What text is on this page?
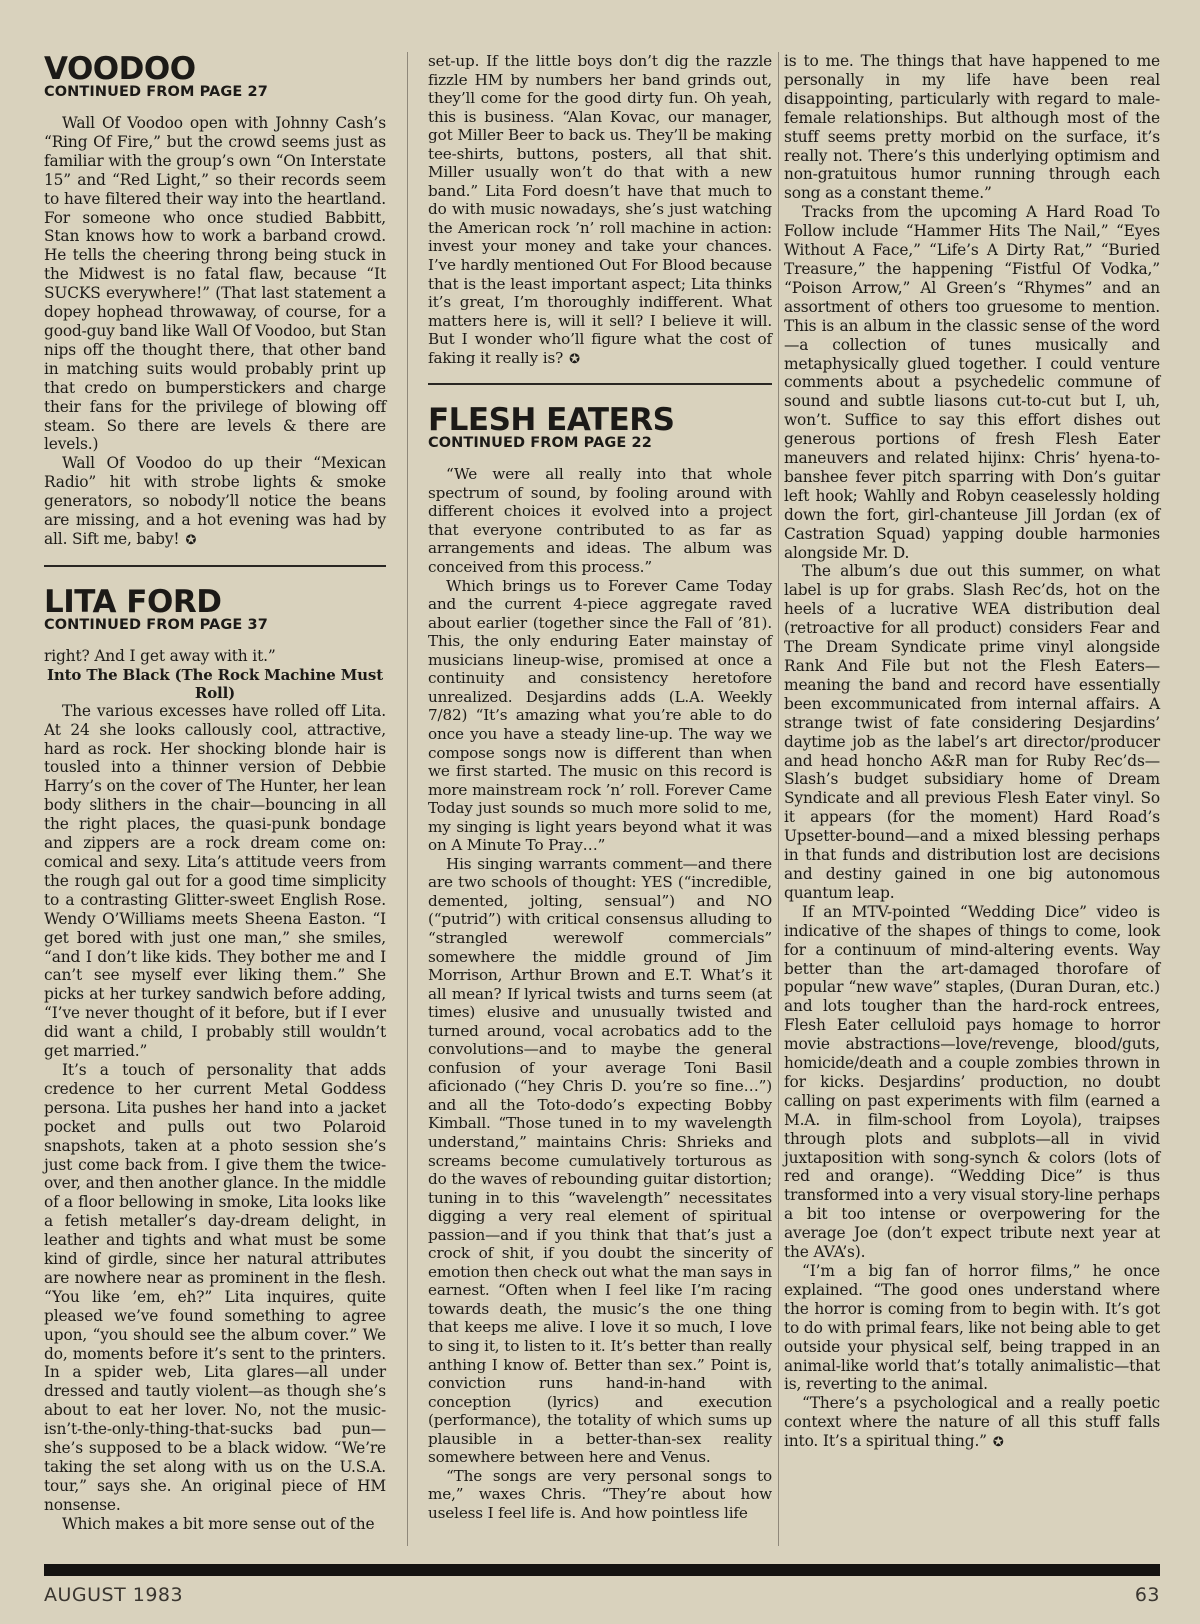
VOODOO
CONTINUED FROM PAGE 27

Wall Of Voodoo open with Johnny Cash’s “Ring Of Fire,” but the crowd seems just as familiar with the group’s own “On Interstate 15” and “Red Light,” so their records seem to have filtered their way into the heartland. For someone who once studied Babbitt, Stan knows how to work a barband crowd. He tells the cheering throng being stuck in the Midwest is no fatal flaw, because “It SUCKS everywhere!” (That last statement a dopey hophead throwaway, of course, for a good-guy band like Wall Of Voodoo, but Stan nips off the thought there, that other band in matching suits would probably print up that credo on bumperstickers and charge their fans for the privilege of blowing off steam. So there are levels & there are levels.)

Wall Of Voodoo do up their “Mexican Radio” hit with strobe lights & smoke generators, so nobody’ll notice the beans are missing, and a hot evening was had by all. Sift me, baby! ✪

LITA FORD
CONTINUED FROM PAGE 37

right? And I get away with it.”

Into The Black (The Rock Machine Must Roll)

The various excesses have rolled off Lita. At 24 she looks callously cool, attractive, hard as rock. Her shocking blonde hair is tousled into a thinner version of Debbie Harry’s on the cover of The Hunter, her lean body slithers in the chair—bouncing in all the right places, the quasi-punk bondage and zippers are a rock dream come on: comical and sexy. Lita’s attitude veers from the rough gal out for a good time simplicity to a contrasting Glitter-sweet English Rose. Wendy O’Williams meets Sheena Easton. “I get bored with just one man,” she smiles, “and I don’t like kids. They bother me and I can’t see myself ever liking them.” She picks at her turkey sandwich before adding, “I’ve never thought of it before, but if I ever did want a child, I probably still wouldn’t get married.”

It’s a touch of personality that adds credence to her current Metal Goddess persona. Lita pushes her hand into a jacket pocket and pulls out two Polaroid snapshots, taken at a photo session she’s just come back from. I give them the twice-over, and then another glance. In the middle of a floor bellowing in smoke, Lita looks like a fetish metaller’s day-dream delight, in leather and tights and what must be some kind of girdle, since her natural attributes are nowhere near as prominent in the flesh. “You like ’em, eh?” Lita inquires, quite pleased we’ve found something to agree upon, “you should see the album cover.” We do, moments before it’s sent to the printers. In a spider web, Lita glares—all under dressed and tautly violent—as though she’s about to eat her lover. No, not the music-isn’t-the-only-thing-that-sucks bad pun—she’s supposed to be a black widow. “We’re taking the set along with us on the U.S.A. tour,” says she. An original piece of HM nonsense.

Which makes a bit more sense out of the

set-up. If the little boys don’t dig the razzle fizzle HM by numbers her band grinds out, they’ll come for the good dirty fun. Oh yeah, this is business. “Alan Kovac, our manager, got Miller Beer to back us. They’ll be making tee-shirts, buttons, posters, all that shit. Miller usually won’t do that with a new band.” Lita Ford doesn’t have that much to do with music nowadays, she’s just watching the American rock ’n’ roll machine in action: invest your money and take your chances. I’ve hardly mentioned Out For Blood because that is the least important aspect; Lita thinks it’s great, I’m thoroughly indifferent. What matters here is, will it sell? I believe it will. But I wonder who’ll figure what the cost of faking it really is? ✪

FLESH EATERS
CONTINUED FROM PAGE 22

“We were all really into that whole spectrum of sound, by fooling around with different choices it evolved into a project that everyone contributed to as far as arrangements and ideas. The album was conceived from this process.”

Which brings us to Forever Came Today and the current 4-piece aggregate raved about earlier (together since the Fall of ’81). This, the only enduring Eater mainstay of musicians lineup-wise, promised at once a continuity and consistency heretofore unrealized. Desjardins adds (L.A. Weekly 7/82) “It’s amazing what you’re able to do once you have a steady line-up. The way we compose songs now is different than when we first started. The music on this record is more mainstream rock ’n’ roll. Forever Came Today just sounds so much more solid to me, my singing is light years beyond what it was on A Minute To Pray…”

His singing warrants comment—and there are two schools of thought: YES (“incredible, demented, jolting, sensual”) and NO (“putrid”) with critical consensus alluding to “strangled werewolf commercials” somewhere the middle ground of Jim Morrison, Arthur Brown and E.T. What’s it all mean? If lyrical twists and turns seem (at times) elusive and unusually twisted and turned around, vocal acrobatics add to the convolutions—and to maybe the general confusion of your average Toni Basil aficionado (“hey Chris D. you’re so fine…”) and all the Toto-dodo’s expecting Bobby Kimball. “Those tuned in to my wavelength understand,” maintains Chris: Shrieks and screams become cumulatively torturous as do the waves of rebounding guitar distortion; tuning in to this “wavelength” necessitates digging a very real element of spiritual passion—and if you think that that’s just a crock of shit, if you doubt the sincerity of emotion then check out what the man says in earnest. “Often when I feel like I’m racing towards death, the music’s the one thing that keeps me alive. I love it so much, I love to sing it, to listen to it. It’s better than really anthing I know of. Better than sex.” Point is, conviction runs hand-in-hand with conception (lyrics) and execution (performance), the totality of which sums up plausible in a better-than-sex reality somewhere between here and Venus.

“The songs are very personal songs to me,” waxes Chris. “They’re about how useless I feel life is. And how pointless life

is to me. The things that have happened to me personally in my life have been real disappointing, particularly with regard to male-female relationships. But although most of the stuff seems pretty morbid on the surface, it’s really not. There’s this underlying optimism and non-gratuitous humor running through each song as a constant theme.”

Tracks from the upcoming A Hard Road To Follow include “Hammer Hits The Nail,” “Eyes Without A Face,” “Life’s A Dirty Rat,” “Buried Treasure,” the happening “Fistful Of Vodka,” “Poison Arrow,” Al Green’s “Rhymes” and an assortment of others too gruesome to mention. This is an album in the classic sense of the word—a collection of tunes musically and metaphysically glued together. I could venture comments about a psychedelic commune of sound and subtle liasons cut-to-cut but I, uh, won’t. Suffice to say this effort dishes out generous portions of fresh Flesh Eater maneuvers and related hijinx: Chris’ hyena-to-banshee fever pitch sparring with Don’s guitar left hook; Wahlly and Robyn ceaselessly holding down the fort, girl-chanteuse Jill Jordan (ex of Castration Squad) yapping double harmonies alongside Mr. D.

The album’s due out this summer, on what label is up for grabs. Slash Rec’ds, hot on the heels of a lucrative WEA distribution deal (retroactive for all product) considers Fear and The Dream Syndicate prime vinyl alongside Rank And File but not the Flesh Eaters—meaning the band and record have essentially been excommunicated from internal affairs. A strange twist of fate considering Desjardins’ daytime job as the label’s art director/producer and head honcho A&R man for Ruby Rec’ds—Slash’s budget subsidiary home of Dream Syndicate and all previous Flesh Eater vinyl. So it appears (for the moment) Hard Road’s Upsetter-bound—and a mixed blessing perhaps in that funds and distribution lost are decisions and destiny gained in one big autonomous quantum leap.

If an MTV-pointed “Wedding Dice” video is indicative of the shapes of things to come, look for a continuum of mind-altering events. Way better than the art-damaged thorofare of popular “new wave” staples, (Duran Duran, etc.) and lots tougher than the hard-rock entrees, Flesh Eater celluloid pays homage to horror movie abstractions—love/revenge, blood/guts, homicide/death and a couple zombies thrown in for kicks. Desjardins’ production, no doubt calling on past experiments with film (earned a M.A. in film-school from Loyola), traipses through plots and subplots—all in vivid juxtaposition with song-synch & colors (lots of red and orange). “Wedding Dice” is thus transformed into a very visual story-line perhaps a bit too intense or overpowering for the average Joe (don’t expect tribute next year at the AVA’s).

“I’m a big fan of horror films,” he once explained. “The good ones understand where the horror is coming from to begin with. It’s got to do with primal fears, like not being able to get outside your physical self, being trapped in an animal-like world that’s totally animalistic—that is, reverting to the animal.

“There’s a psychological and a really poetic context where the nature of all this stuff falls into. It’s a spiritual thing.” ✪

AUGUST 1983	63
